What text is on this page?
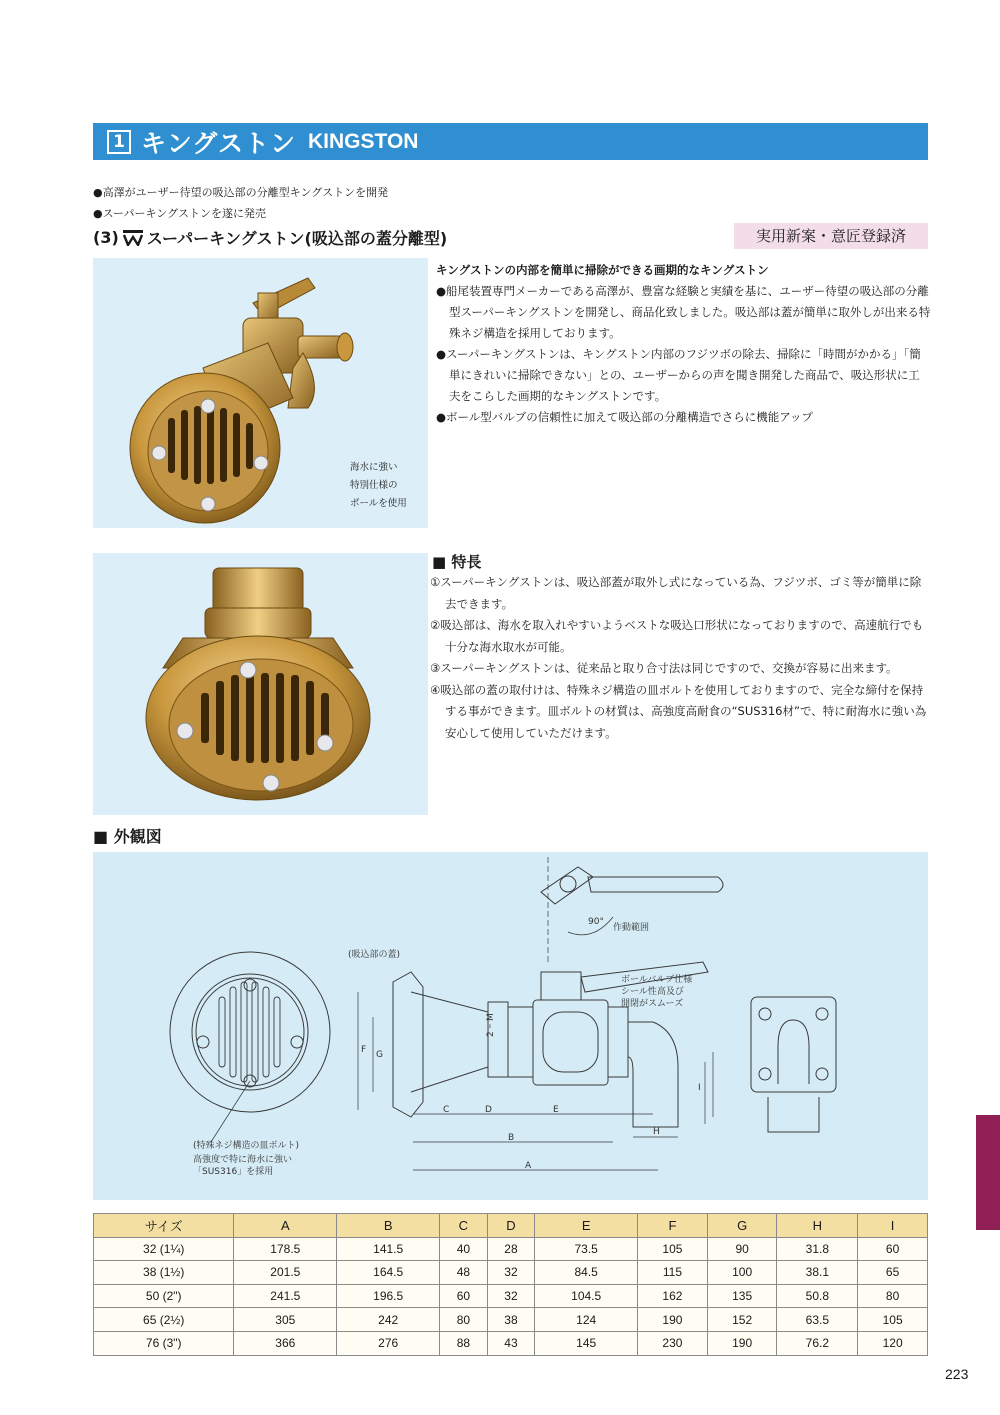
1 キングストン KINGSTON
●高澤がユーザー待望の吸込部の分離型キングストンを開発
●スーパーキングストンを遂に発売
(3) スーパーキングストン(吸込部の蓋分離型)	実用新案・意匠登録済
海水に強い
特別仕様の
ボールを使用
キングストンの内部を簡単に掃除ができる画期的なキングストン
●船尾装置専門メーカーである高澤が、豊富な経験と実績を基に、ユーザー待望の吸込部の分離型スーパーキングストンを開発し、商品化致しました。吸込部は蓋が簡単に取外しが出来る特殊ネジ構造を採用しております。
●スーパーキングストンは、キングストン内部のフジツボの除去、掃除に「時間がかかる」「簡単にきれいに掃除できない」との、ユーザーからの声を聞き開発した商品で、吸込形状に工夫をこらした画期的なキングストンです。
●ボール型バルブの信頼性に加えて吸込部の分離構造でさらに機能アップ
■ 特長
①スーパーキングストンは、吸込部蓋が取外し式になっている為、フジツボ、ゴミ等が簡単に除去できます。
②吸込部は、海水を取入れやすいようベストな吸込口形状になっておりますので、高速航行でも十分な海水取水が可能。
③スーパーキングストンは、従来品と取り合寸法は同じですので、交換が容易に出来ます。
④吸込部の蓋の取付けは、特殊ネジ構造の皿ボルトを使用しておりますので、完全な締付を保持する事ができます。皿ボルトの材質は、高強度高耐食の“SUS316材”で、特に耐海水に強い為安心して使用していただけます。
■ 外観図
(特殊ネジ構造の皿ボルト)
高強度で特に海水に強い
「SUS316」を採用
(吸込部の蓋)
90°
作動範囲
ボールバルブ仕様
シール性高及び
開閉がスムーズ
2 ｰ M
C	D	E
B
A
F G
H
I
サイズ	A	B	C	D	E	F	G	H	I
32 (1¼)	178.5	141.5	40	28	73.5	105	90	31.8	60
38 (1½)	201.5	164.5	48	32	84.5	115	100	38.1	65
50 (2")	241.5	196.5	60	32	104.5	162	135	50.8	80
65 (2½)	305	242	80	38	124	190	152	63.5	105
76 (3")	366	276	88	43	145	230	190	76.2	120
223
